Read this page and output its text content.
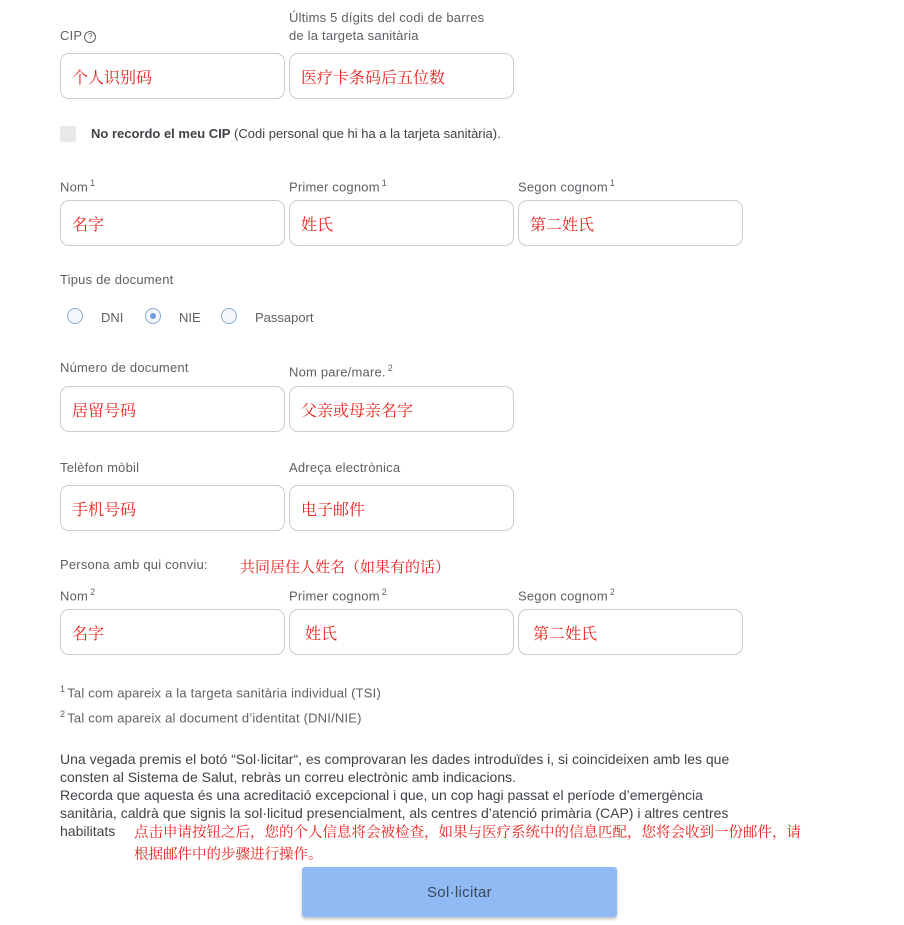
CIP ?
个人识别码
Últims 5 dígits del codi de barres
de la targeta sanitària
医疗卡条码后五位数
No recordo el meu CIP (Codi personal que hi ha a la tarjeta sanitària).
Nom $^1$
名字
Primer cognom $^1$
姓氏
Segon cognom $^1$
第二姓氏
Tipus de document
DNI	NIE	Passaport
Número de document
居留号码
Nom pare/mare. $^2$
父亲或母亲名字
Telèfon mòbil
手机号码
Adreça electrònica
电子邮件
Persona amb qui conviu: 共同居住人姓名（如果有的话）
Nom $^2$
名字
Primer cognom $^2$
姓氏
Segon cognom $^2$
第二姓氏
$^1$ Tal com apareix a la targeta sanitària individual (TSI)
$^2$ Tal com apareix al document d’identitat (DNI/NIE)
Una vegada premis el botó “Sol·licitar“, es comprovaran les dades introduïdes i, si coincideixen amb les que
consten al Sistema de Salut, rebràs un correu electrònic amb indicacions.
Recorda que aquesta és una acreditació excepcional i que, un cop hagi passat el període d’emergència
sanitària, caldrà que signis la sol·licitud presencialment, als centres d’atenció primària (CAP) i altres centres
habilitats	点击申请按钮之后，您的个人信息将会被检查，如果与医疗系统中的信息匹配，您将会收到一份邮件，请
根据邮件中的步骤进行操作。
Sol·licitar
